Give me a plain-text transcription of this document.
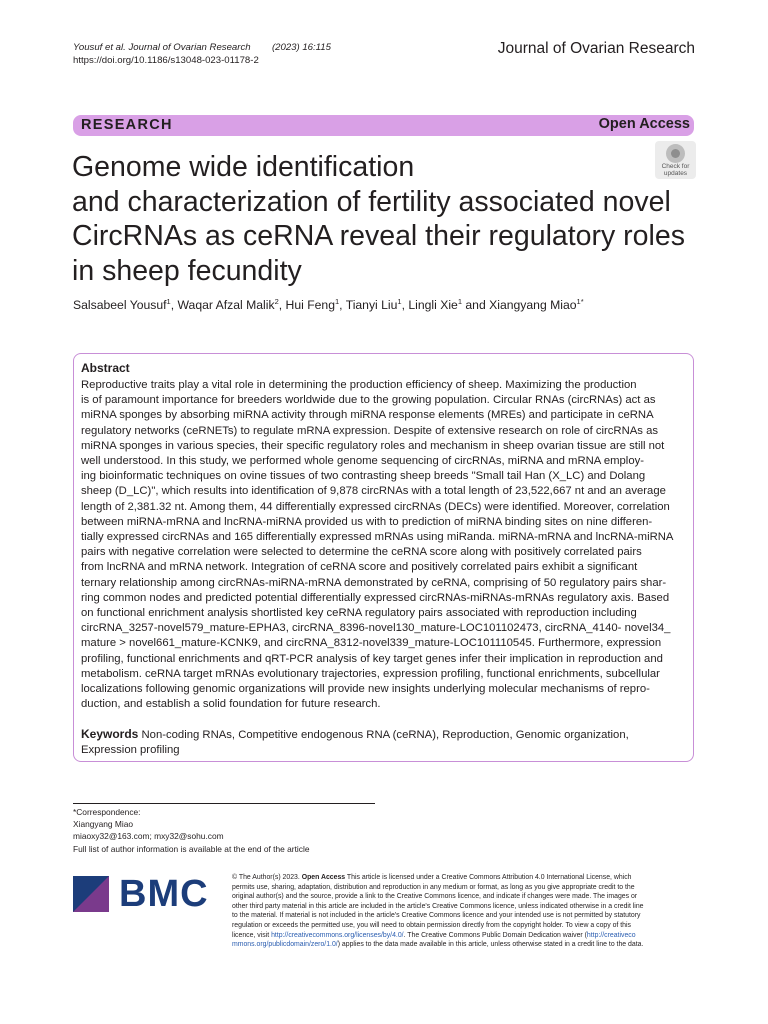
Yousuf et al. Journal of Ovarian Research (2023) 16:115
https://doi.org/10.1186/s13048-023-01178-2
Journal of Ovarian Research
RESEARCH	Open Access
Check for
updates
Genome wide identification
and characterization of fertility associated novel
CircRNAs as ceRNA reveal their regulatory roles
in sheep fecundity
Salsabeel Yousuf$^1$, Waqar Afzal Malik$^2$, Hui Feng$^1$, Tianyi Liu$^1$, Lingli Xie$^1$ and Xiangyang Miao$^{1*}$
Abstract
Reproductive traits play a vital role in determining the production efficiency of sheep. Maximizing the production
is of paramount importance for breeders worldwide due to the growing population. Circular RNAs (circRNAs) act as
miRNA sponges by absorbing miRNA activity through miRNA response elements (MREs) and participate in ceRNA
regulatory networks (ceRNETs) to regulate mRNA expression. Despite of extensive research on role of circRNAs as
miRNA sponges in various species, their specific regulatory roles and mechanism in sheep ovarian tissue are still not
well understood. In this study, we performed whole genome sequencing of circRNAs, miRNA and mRNA employ-
ing bioinformatic techniques on ovine tissues of two contrasting sheep breeds "Small tail Han (X_LC) and Dolang
sheep (D_LC)", which results into identification of 9,878 circRNAs with a total length of 23,522,667 nt and an average
length of 2,381.32 nt. Among them, 44 differentially expressed circRNAs (DECs) were identified. Moreover, correlation
between miRNA-mRNA and lncRNA-miRNA provided us with to prediction of miRNA binding sites on nine differen-
tially expressed circRNAs and 165 differentially expressed mRNAs using miRanda. miRNA-mRNA and lncRNA-miRNA
pairs with negative correlation were selected to determine the ceRNA score along with positively correlated pairs
from lncRNA and mRNA network. Integration of ceRNA score and positively correlated pairs exhibit a significant
ternary relationship among circRNAs-miRNA-mRNA demonstrated by ceRNA, comprising of 50 regulatory pairs shar-
ring common nodes and predicted potential differentially expressed circRNAs-miRNAs-mRNAs regulatory axis. Based
on functional enrichment analysis shortlisted key ceRNA regulatory pairs associated with reproduction including
circRNA_3257-novel579_mature-EPHA3, circRNA_8396-novel130_mature-LOC101102473, circRNA_4140- novel34_
mature > novel661_mature-KCNK9, and circRNA_8312-novel339_mature-LOC101110545. Furthermore, expression
profiling, functional enrichments and qRT-PCR analysis of key target genes infer their implication in reproduction and
metabolism. ceRNA target mRNAs evolutionary trajectories, expression profiling, functional enrichments, subcellular
localizations following genomic organizations will provide new insights underlying molecular mechanisms of repro-
duction, and establish a solid foundation for future research.
Keywords Non-coding RNAs, Competitive endogenous RNA (ceRNA), Reproduction, Genomic organization,
Expression profiling
*Correspondence:
Xiangyang Miao
miaoxy32@163.com; mxy32@sohu.com
Full list of author information is available at the end of the article
BMC	© The Author(s) 2023. Open Access This article is licensed under a Creative Commons Attribution 4.0 International License, which
permits use, sharing, adaptation, distribution and reproduction in any medium or format, as long as you give appropriate credit to the
original author(s) and the source, provide a link to the Creative Commons licence, and indicate if changes were made. The images or
other third party material in this article are included in the article's Creative Commons licence, unless indicated otherwise in a credit line
to the material. If material is not included in the article's Creative Commons licence and your intended use is not permitted by statutory
regulation or exceeds the permitted use, you will need to obtain permission directly from the copyright holder. To view a copy of this
licence, visit http://creativecommons.org/licenses/by/4.0/. The Creative Commons Public Domain Dedication waiver (http://creativeco
mmons.org/publicdomain/zero/1.0/) applies to the data made available in this article, unless otherwise stated in a credit line to the data.
